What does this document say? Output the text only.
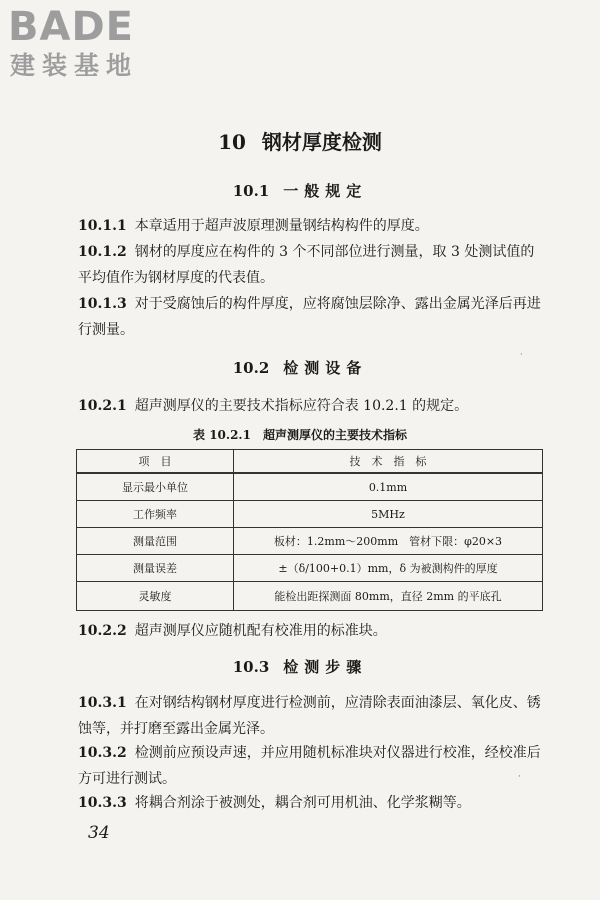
BADE
建装基地
10 钢材厚度检测
10.1 一般规定
10.1.1 本章适用于超声波原理测量钢结构构件的厚度。
10.1.2 钢材的厚度应在构件的 3 个不同部位进行测量，取 3 处测试值的平均值作为钢材厚度的代表值。
10.1.3 对于受腐蚀后的构件厚度，应将腐蚀层除净、露出金属光泽后再进行测量。
10.2 检测设备
10.2.1 超声测厚仪的主要技术指标应符合表 10.2.1 的规定。
表 10.2.1 超声测厚仪的主要技术指标
项　目	技　术　指　标
显示最小单位	0.1mm
工作频率	5MHz
测量范围	板材：1.2mm～200mm　管材下限：φ20×3
测量误差	±（δ/100+0.1）mm，δ 为被测构件的厚度
灵敏度	能检出距探测面 80mm，直径 2mm 的平底孔
10.2.2 超声测厚仪应随机配有校准用的标准块。
10.3 检测步骤
10.3.1 在对钢结构钢材厚度进行检测前，应清除表面油漆层、氧化皮、锈蚀等，并打磨至露出金属光泽。
10.3.2 检测前应预设声速，并应用随机标准块对仪器进行校准，经校准后方可进行测试。
10.3.3 将耦合剂涂于被测处，耦合剂可用机油、化学浆糊等。
34
·
·
